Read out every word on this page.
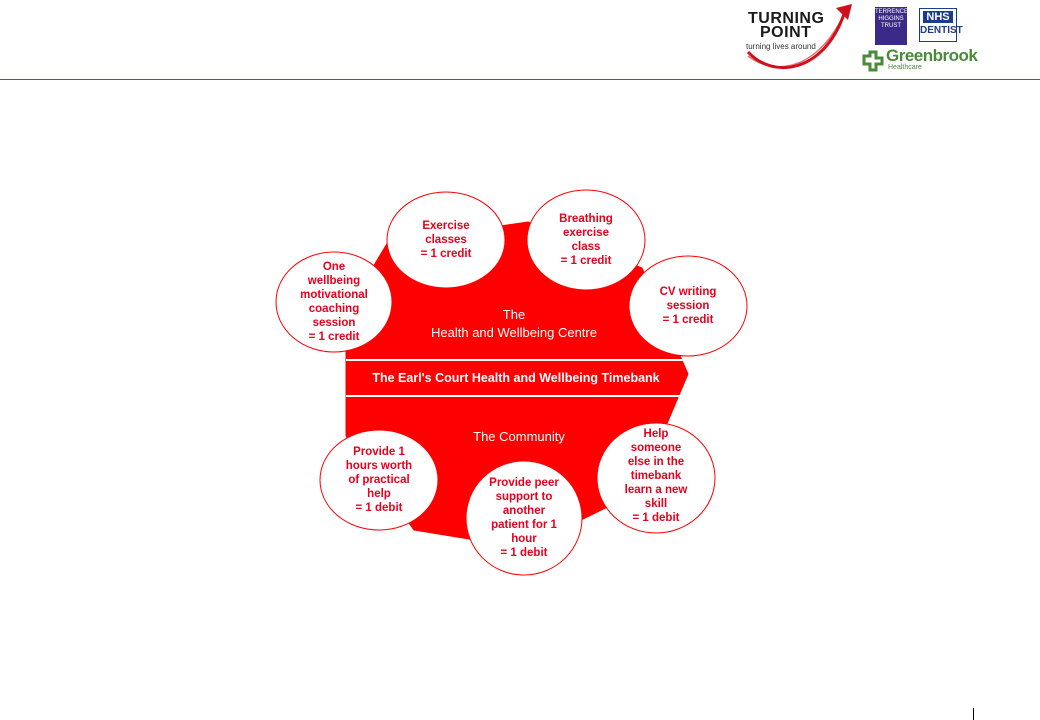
TURNING
POINT
turning lives around
TERRENCE
HIGGINS
TRUST
NHS
DENTIST
Greenbrook
Healthcare
The
Health and Wellbeing Centre
The Earl's Court Health and Wellbeing Timebank
The Community
Exercise
classes
= 1 credit
Breathing
exercise
class
= 1 credit
CV writing
session
= 1 credit
One
wellbeing
motivational
coaching
session
= 1 credit
Provide 1
hours worth
of practical
help
= 1 debit
Provide peer
support to
another
patient for 1
hour
= 1 debit
Help
someone
else in the
timebank
learn a new
skill
= 1 debit
